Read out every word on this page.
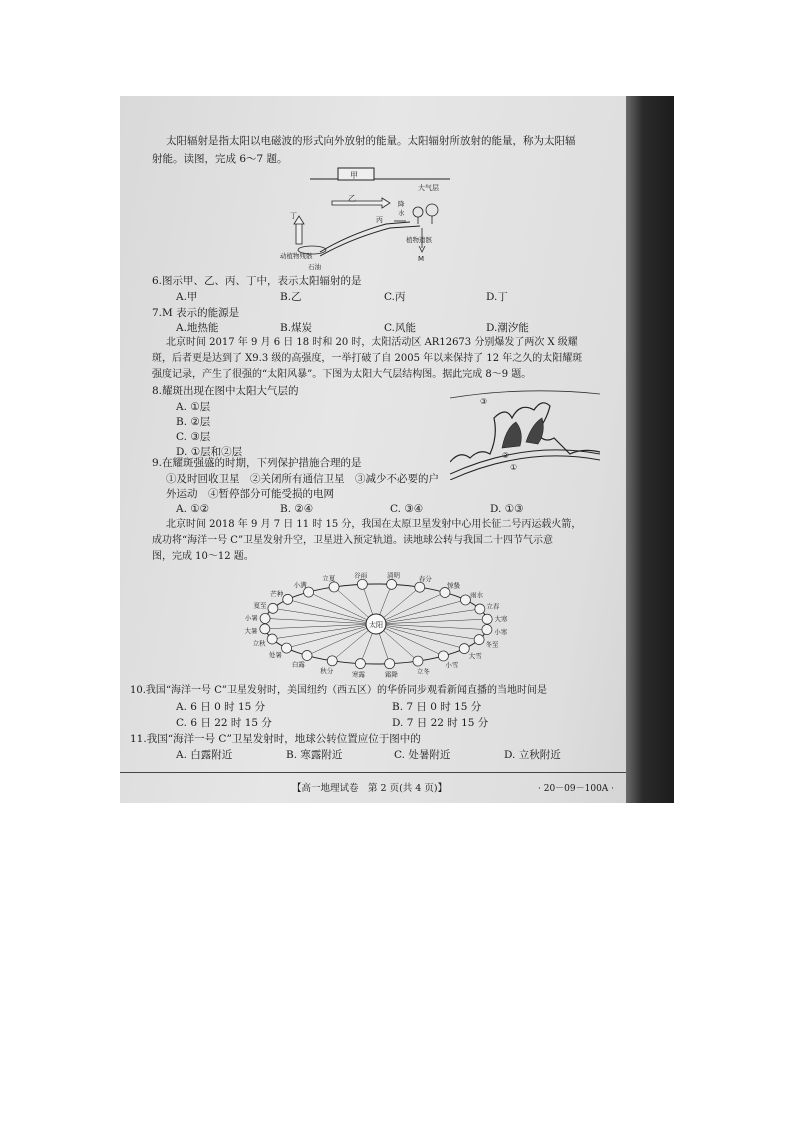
太阳辐射是指太阳以电磁波的形式向外放射的能量。太阳辐射所放射的能量，称为太阳辐
射能。读图，完成 6～7 题。
甲
大气层
乙
丙
丁
动植物残骸
石油
降
水
植物遗骸
M
6.图示甲、乙、丙、丁中，表示太阳辐射的是
A.甲	B.乙	C.丙	D.丁
7.M 表示的能源是
A.地热能	B.煤炭	C.风能	D.潮汐能
北京时间 2017 年 9 月 6 日 18 时和 20 时，太阳活动区 AR12673 分别爆发了两次 X 级耀
斑，后者更是达到了 X9.3 级的高强度，一举打破了自 2005 年以来保持了 12 年之久的太阳耀斑
强度记录，产生了很强的“太阳风暴”。下图为太阳大气层结构图。据此完成 8～9 题。
8.耀斑出现在图中太阳大气层的
A. ①层
B. ②层
C. ③层
D. ①层和②层
③
②
①
9.在耀斑强盛的时期，下列保护措施合理的是
①及时回收卫星　②关闭所有通信卫星　③减少不必要的户
外运动　④暂停部分可能受损的电网
A. ①②	B. ②④	C. ③④	D. ①③
北京时间 2018 年 9 月 7 日 11 时 15 分，我国在太原卫星发射中心用长征二号丙运载火箭，
成功将“海洋一号 C”卫星发射升空，卫星进入预定轨道。读地球公转与我国二十四节气示意
图，完成 10～12 题。
立夏	谷雨	清明	春分
惊蛰
雨水
立春
大寒
小寒
冬至
大雪
小雪
立冬
霜降
寒露
秋分
白露
处暑
立秋
大暑
小暑
夏至
芒种
小满
太阳
10.我国“海洋一号 C”卫星发射时，美国纽约（西五区）的华侨同步观看新闻直播的当地时间是
A. 6 日 0 时 15 分	B. 7 日 0 时 15 分
C. 6 日 22 时 15 分	D. 7 日 22 时 15 分
11.我国“海洋一号 C”卫星发射时，地球公转位置应位于图中的
A. 白露附近	B. 寒露附近	C. 处暑附近	D. 立秋附近
【高一地理试卷　第 2 页(共 4 页)】	· 20－09－100A ·
